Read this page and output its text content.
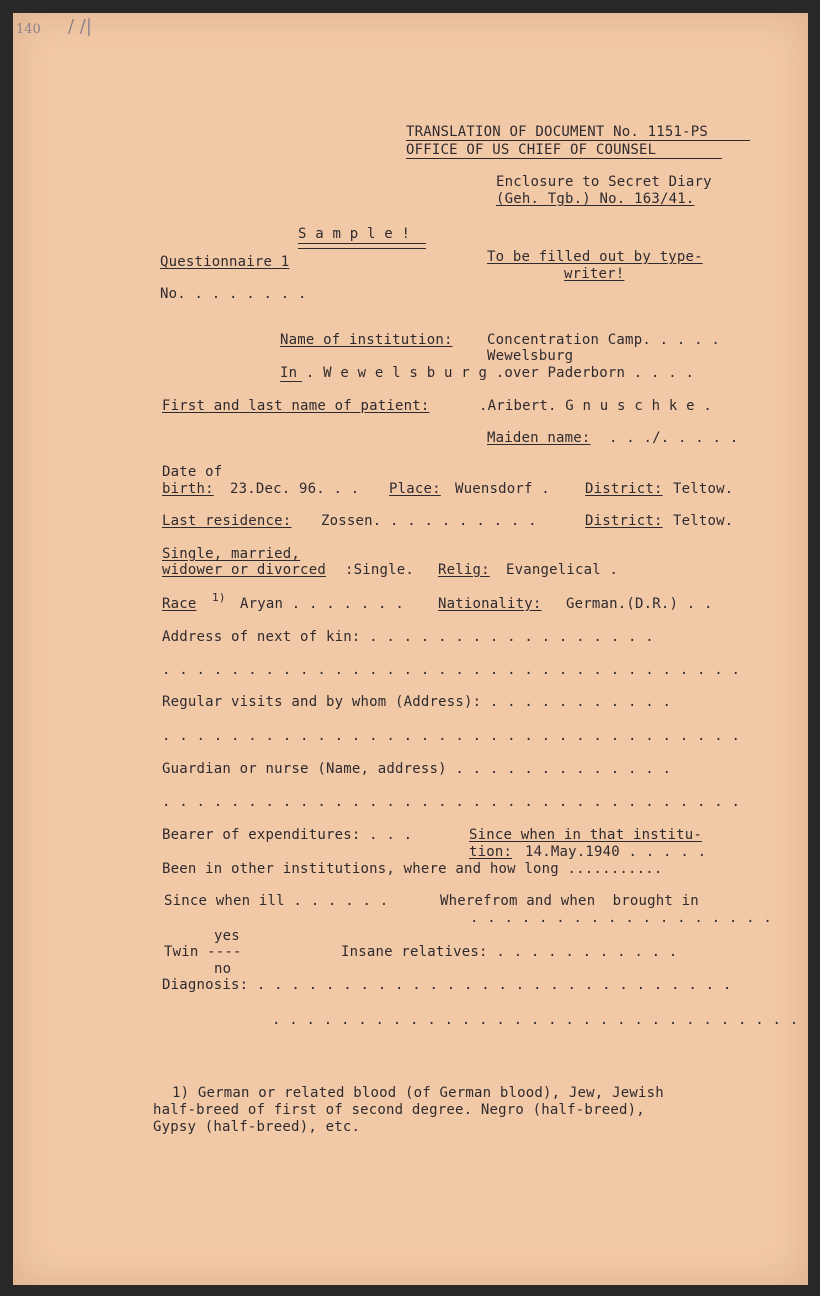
140 / /|
TRANSLATION OF DOCUMENT No. 1151-PS
OFFICE OF US CHIEF OF COUNSEL
Enclosure to Secret Diary
(Geh. Tgb.) No. 163/41.
S a m p l e !
Questionnaire 1	To be filled out by type-
writer!
No. . . . . . . .
Name of institution: Concentration Camp. . . . .
Wewelsburg
In . W e w e l s b u r g .over Paderborn . . . .
First and last name of patient:	.Aribert. G n u s c h k e .
Maiden name: . . ./. . . . .
Date of
birth: 23.Dec. 96. . . Place: Wuensdorf .	District: Teltow.
Last residence: Zossen. . . . . . . . . .	District: Teltow.
Single, married,
widower or divorced :Single. Relig: Evangelical .
Race $_{1)}$ Aryan . . . . . . . Nationality: German.(D.R.) . .
Address of next of kin: . . . . . . . . . . . . . . . . .
. . . . . . . . . . . . . . . . . . . . . . . . . . . . . . . . . .
Regular visits and by whom (Address): . . . . . . . . . . .
. . . . . . . . . . . . . . . . . . . . . . . . . . . . . . . . . .
Guardian or nurse (Name, address) . . . . . . . . . . . . .
. . . . . . . . . . . . . . . . . . . . . . . . . . . . . . . . . .
Bearer of expenditures: . . .	Since when in that institu-
tion: 14.May.1940 . . . . .
Been in other institutions, where and how long ...........
Since when ill . . . . . .	Wherefrom and when  brought in
. . . . . . . . . . . . . . . . . .
yes
Twin ----
no
Insane relatives: . . . . . . . . . . .
Diagnosis: . . . . . . . . . . . . . . . . . . . . . . . . . . . .
. . . . . . . . . . . . . . . . . . . . . . . . . . . . . . .
1) German or related blood (of German blood), Jew, Jewish
half-breed of first of second degree. Negro (half-breed),
Gypsy (half-breed), etc.
